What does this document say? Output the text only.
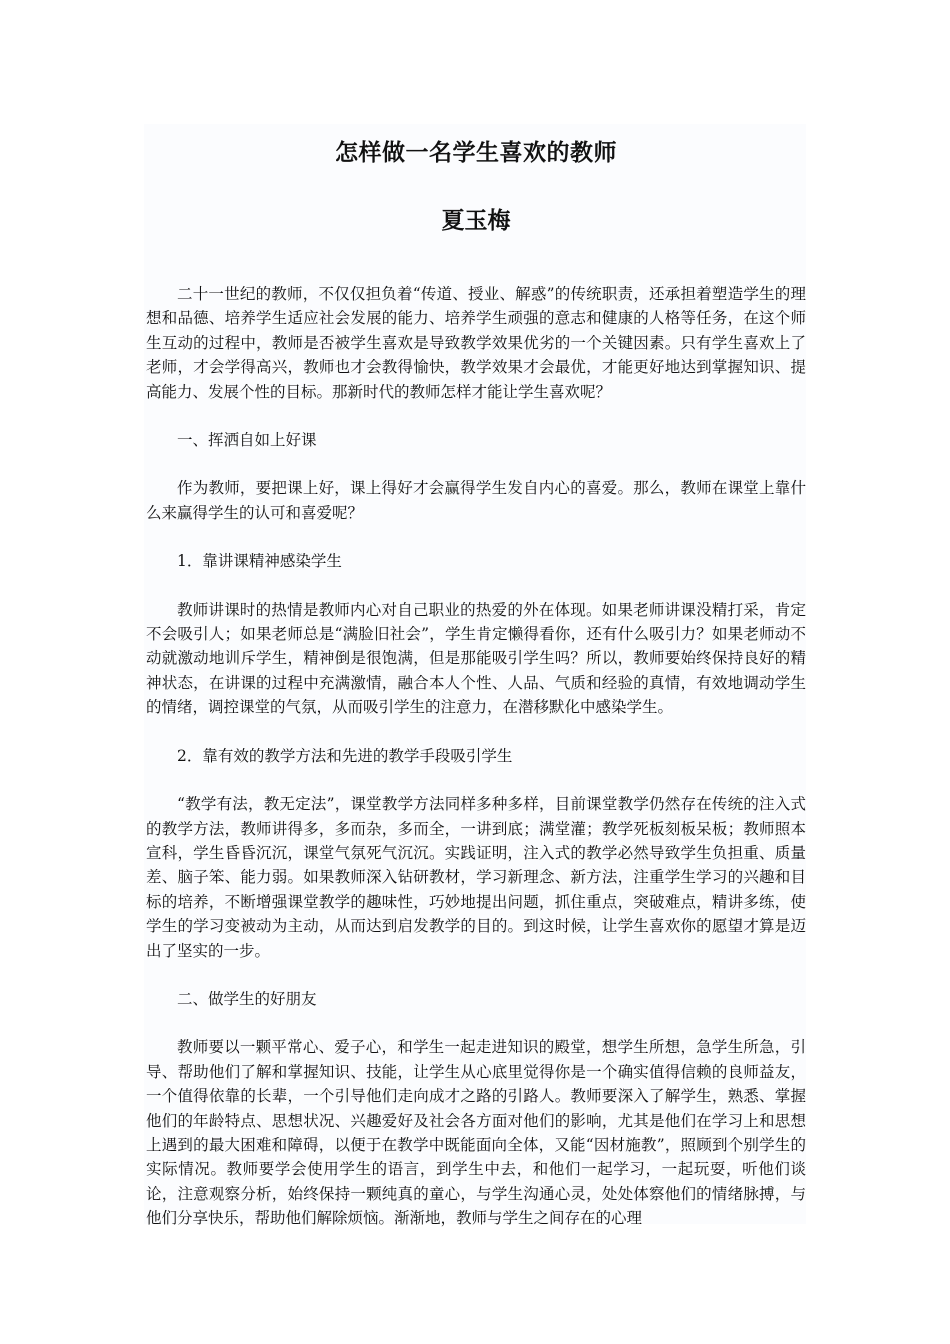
怎样做一名学生喜欢的教师
夏玉梅

二十一世纪的教师，不仅仅担负着“传道、授业、解惑”的传统职责，还承担着塑造学生的理想和品德、培养学生适应社会发展的能力、培养学生顽强的意志和健康的人格等任务，在这个师生互动的过程中，教师是否被学生喜欢是导致教学效果优劣的一个关键因素。只有学生喜欢上了老师，才会学得高兴，教师也才会教得愉快，教学效果才会最优，才能更好地达到掌握知识、提高能力、发展个性的目标。那新时代的教师怎样才能让学生喜欢呢？

一、挥洒自如上好课

作为教师，要把课上好，课上得好才会赢得学生发自内心的喜爱。那么，教师在课堂上靠什么来赢得学生的认可和喜爱呢？

1．靠讲课精神感染学生

教师讲课时的热情是教师内心对自己职业的热爱的外在体现。如果老师讲课没精打采，肯定不会吸引人；如果老师总是“满脸旧社会”，学生肯定懒得看你，还有什么吸引力？如果老师动不动就激动地训斥学生，精神倒是很饱满，但是那能吸引学生吗？所以，教师要始终保持良好的精神状态，在讲课的过程中充满激情，融合本人个性、人品、气质和经验的真情，有效地调动学生的情绪，调控课堂的气氛，从而吸引学生的注意力，在潜移默化中感染学生。

2．靠有效的教学方法和先进的教学手段吸引学生

“教学有法，教无定法”，课堂教学方法同样多种多样，目前课堂教学仍然存在传统的注入式的教学方法，教师讲得多，多而杂，多而全，一讲到底；满堂灌；教学死板刻板呆板；教师照本宣科，学生昏昏沉沉，课堂气氛死气沉沉。实践证明，注入式的教学必然导致学生负担重、质量差、脑子笨、能力弱。如果教师深入钻研教材，学习新理念、新方法，注重学生学习的兴趣和目标的培养，不断增强课堂教学的趣味性，巧妙地提出问题，抓住重点，突破难点，精讲多练，使学生的学习变被动为主动，从而达到启发教学的目的。到这时候，让学生喜欢你的愿望才算是迈出了坚实的一步。

二、做学生的好朋友

教师要以一颗平常心、爱子心，和学生一起走进知识的殿堂，想学生所想，急学生所急，引导、帮助他们了解和掌握知识、技能，让学生从心底里觉得你是一个确实值得信赖的良师益友，一个值得依靠的长辈，一个引导他们走向成才之路的引路人。教师要深入了解学生，熟悉、掌握他们的年龄特点、思想状况、兴趣爱好及社会各方面对他们的影响，尤其是他们在学习上和思想上遇到的最大困难和障碍，以便于在教学中既能面向全体，又能“因材施教”，照顾到个别学生的实际情况。教师要学会使用学生的语言，到学生中去，和他们一起学习，一起玩耍，听他们谈论，注意观察分析，始终保持一颗纯真的童心，与学生沟通心灵，处处体察他们的情绪脉搏，与他们分享快乐，帮助他们解除烦恼。渐渐地，教师与学生之间存在的心理
